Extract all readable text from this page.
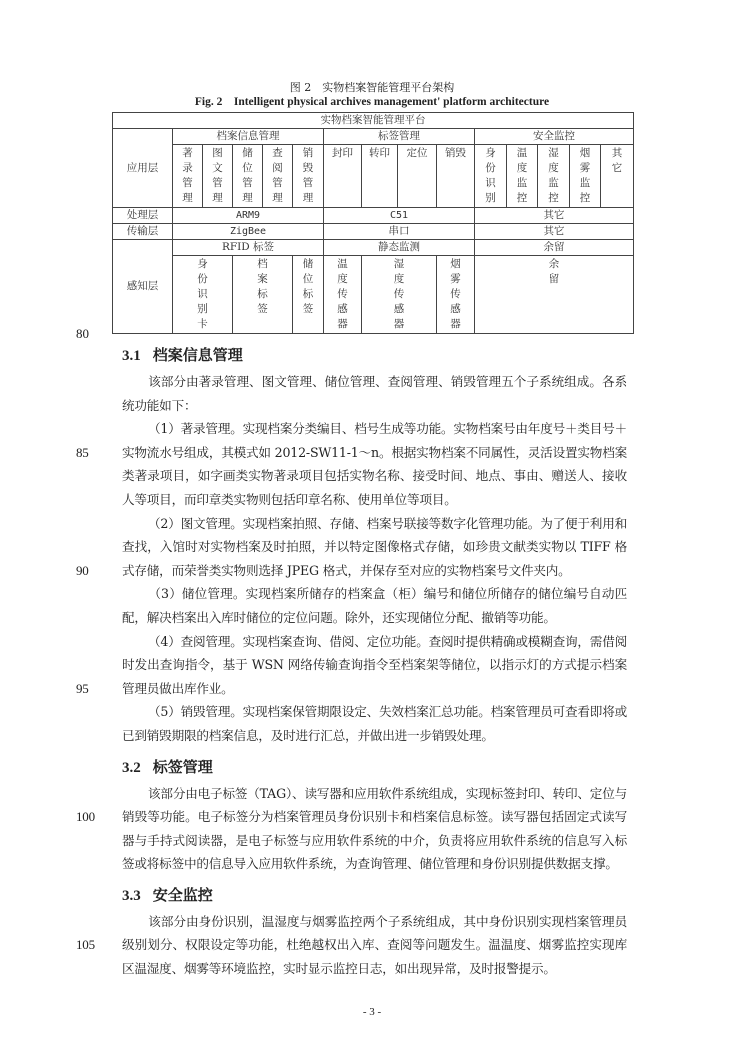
图 2　实物档案智能管理平台架构
Fig. 2　Intelligent physical archives management' platform architecture
实物档案智能管理平台														
应用层	档案信息管理					标签管理				安全监控				
	著录管理	图文管理	储位管理	查阅管理	销毁管理	封印	转印	定位	销毁	身份识别	温度监控	湿度监控	烟雾监控	其它
处理层	ARM9					C51				其它				
传输层	ZigBee					串口				其它				
感知层	RFID 标签					静态监测				余留				
	身份识别卡		档案标签		储位标签	温度传感器	湿度传感器		烟雾传感器	余留				
80
3.1 档案信息管理
该部分由著录管理、图文管理、储位管理、查阅管理、销毁管理五个子系统组成。各系统功能如下：
85
（1）著录管理。实现档案分类编目、档号生成等功能。实物档案号由年度号＋类目号＋实物流水号组成，其模式如 2012-SW11-1～n。根据实物档案不同属性，灵活设置实物档案类著录项目，如字画类实物著录项目包括实物名称、接受时间、地点、事由、赠送人、接收人等项目，而印章类实物则包括印章名称、使用单位等项目。
90
（2）图文管理。实现档案拍照、存储、档案号联接等数字化管理功能。为了便于利用和查找，入馆时对实物档案及时拍照，并以特定图像格式存储，如珍贵文献类实物以 TIFF 格式存储，而荣誉类实物则选择 JPEG 格式，并保存至对应的实物档案号文件夹内。
（3）储位管理。实现档案所储存的档案盒（柜）编号和储位所储存的储位编号自动匹配，解决档案出入库时储位的定位问题。除外，还实现储位分配、撤销等功能。
95
（4）查阅管理。实现档案查询、借阅、定位功能。查阅时提供精确或模糊查询，需借阅时发出查询指令，基于 WSN 网络传输查询指令至档案架等储位，以指示灯的方式提示档案管理员做出库作业。
（5）销毁管理。实现档案保管期限设定、失效档案汇总功能。档案管理员可查看即将或已到销毁期限的档案信息，及时进行汇总，并做出进一步销毁处理。
3.2 标签管理
100
该部分由电子标签（TAG）、读写器和应用软件系统组成，实现标签封印、转印、定位与销毁等功能。电子标签分为档案管理员身份识别卡和档案信息标签。读写器包括固定式读写器与手持式阅读器，是电子标签与应用软件系统的中介，负责将应用软件系统的信息写入标签或将标签中的信息导入应用软件系统，为查询管理、储位管理和身份识别提供数据支撑。
3.3 安全监控
105
该部分由身份识别，温湿度与烟雾监控两个子系统组成，其中身份识别实现档案管理员级别划分、权限设定等功能，杜绝越权出入库、查阅等问题发生。温温度、烟雾监控实现库区温湿度、烟雾等环境监控，实时显示监控日志，如出现异常，及时报警提示。
- 3 -
